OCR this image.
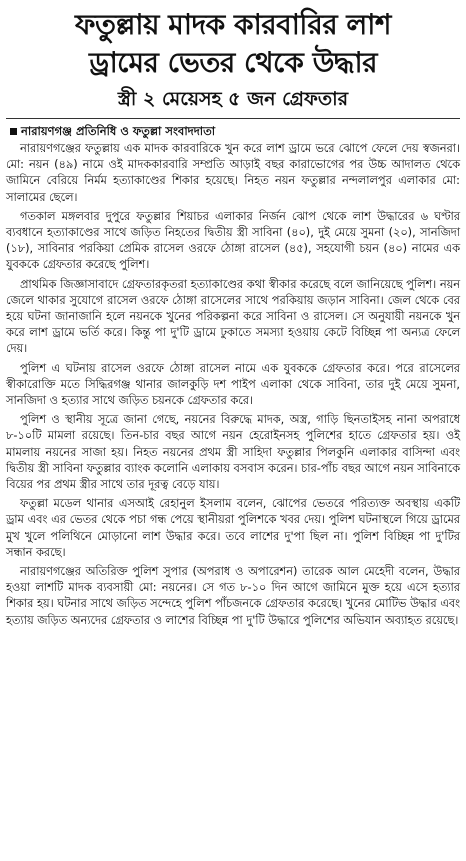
ফতুল্লায় মাদক কারবারির লাশ
ড্রামের ভেতর থেকে উদ্ধার
স্ত্রী ২ মেয়েসহ ৫ জন গ্রেফতার
নারায়ণগঞ্জ প্রতিনিধি ও ফতুল্লা সংবাদদাতা

নারায়ণগঞ্জের ফতুল্লায় এক মাদক কারবারিকে খুন করে লাশ ড্রামে ভরে ঝোপে ফেলে দেয় স্বজনরা। মো: নয়ন (৪৯) নামে ওই মাদককারবারি সম্প্রতি আড়াই বছর কারাভোগের পর উচ্চ আদালত থেকে জামিনে বেরিয়ে নির্মম হত্যাকাণ্ডের শিকার হয়েছে। নিহত নয়ন ফতুল্লার নন্দলালপুর এলাকার মো: সালামের ছেলে।

গতকাল মঙ্গলবার দুপুরে ফতুল্লার শিয়াচর এলাকার নির্জন ঝোপ থেকে লাশ উদ্ধারের ৬ ঘণ্টার ব্যবধানে হত্যাকাণ্ডের সাথে জড়িত নিহতের দ্বিতীয় স্ত্রী সাবিনা (৪০), দুই মেয়ে সুমনা (২০), সানজিদা (১৮), সাবিনার পরকিয়া প্রেমিক রাসেল ওরফে ঠোঙ্গা রাসেল (৪৫), সহযোগী চয়ন (৪০) নামের এক যুবককে গ্রেফতার করেছে পুলিশ।

প্রাথমিক জিজ্ঞাসাবাদে গ্রেফতারকৃতরা হত্যাকাণ্ডের কথা স্বীকার করেছে বলে জানিয়েছে পুলিশ। নয়ন জেলে থাকার সুযোগে রাসেল ওরফে ঠোঙ্গা রাসেলের সাথে পরকিয়ায় জড়ান সাবিনা। জেল থেকে বের হয়ে ঘটনা জানাজানি হলে নয়নকে খুনের পরিকল্পনা করে সাবিনা ও রাসেল। সে অনুযায়ী নয়নকে খুন করে লাশ ড্রামে ভর্তি করে। কিন্তু পা দু'টি ড্রামে ঢুকাতে সমস্যা হওয়ায় কেটে বিচ্ছিন্ন পা অন্যত্র ফেলে দেয়।

পুলিশ এ ঘটনায় রাসেল ওরফে ঠোঙ্গা রাসেল নামে এক যুবককে গ্রেফতার করে। পরে রাসেলের স্বীকারোক্তি মতে সিদ্ধিরগঞ্জ থানার জালকুড়ি দশ পাইপ এলাকা থেকে সাবিনা, তার দুই মেয়ে সুমনা, সানজিদা ও হত্যার সাথে জড়িত চয়নকে গ্রেফতার করে।

পুলিশ ও স্থানীয় সূত্রে জানা গেছে, নয়নের বিরুদ্ধে মাদক, অস্ত্র, গাড়ি ছিনতাইসহ নানা অপরাধে ৮-১০টি মামলা রয়েছে। তিন-চার বছর আগে নয়ন হেরোইনসহ পুলিশের হাতে গ্রেফতার হয়। ওই মামলায় নয়নের সাজা হয়। নিহত নয়নের প্রথম স্ত্রী সাহিদা ফতুল্লার পিলকুনি এলাকার বাসিন্দা এবং দ্বিতীয় স্ত্রী সাবিনা ফতুল্লার ব্যাংক কলোনি এলাকায় বসবাস করেন। চার-পাঁচ বছর আগে নয়ন সাবিনাকে বিয়ের পর প্রথম স্ত্রীর সাথে তার দূরত্ব বেড়ে যায়।

ফতুল্লা মডেল থানার এসআই রেহানুল ইসলাম বলেন, ঝোপের ভেতরে পরিত্যক্ত অবস্থায় একটি ড্রাম এবং এর ভেতর থেকে পচা গন্ধ পেয়ে স্থানীয়রা পুলিশকে খবর দেয়। পুলিশ ঘটনাস্থলে গিয়ে ড্রামের মুখ খুলে পলিথিনে মোড়ানো লাশ উদ্ধার করে। তবে লাশের দু'পা ছিল না। পুলিশ বিচ্ছিন্ন পা দু'টির সন্ধান করছে।

নারায়ণগঞ্জের অতিরিক্ত পুলিশ সুপার (অপরাধ ও অপারেশন) তারেক আল মেহেদী বলেন, উদ্ধার হওয়া লাশটি মাদক ব্যবসায়ী মো: নয়নের। সে গত ৮-১০ দিন আগে জামিনে মুক্ত হয়ে এসে হত্যার শিকার হয়। ঘটনার সাথে জড়িত সন্দেহে পুলিশ পাঁচজনকে গ্রেফতার করেছে। খুনের মোটিভ উদ্ধার এবং হত্যায় জড়িত অন্যদের গ্রেফতার ও লাশের বিচ্ছিন্ন পা দু'টি উদ্ধারে পুলিশের অভিযান অব্যাহত রয়েছে।
